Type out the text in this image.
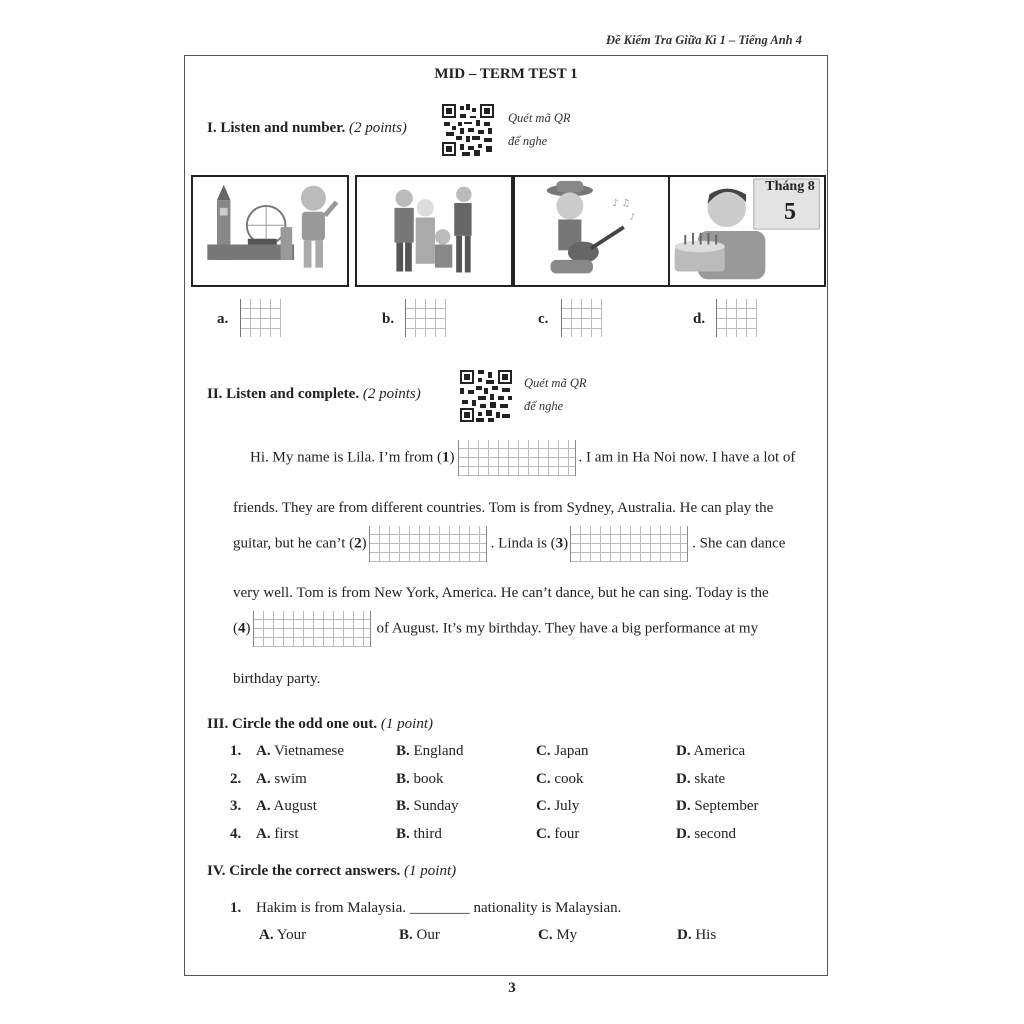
Đề Kiểm Tra Giữa Kì 1 – Tiếng Anh 4
MID – TERM TEST 1
I. Listen and number. (2 points)
Quét mã QR
để nghe
♪ ♫
♪
Tháng 8
5
a.	b.	c.	d.
II. Listen and complete. (2 points)
Quét mã QR
để nghe
Hi. My name is Lila. I’m from (1)	. I am in Ha Noi now. I have a lot of
friends. They are from different countries. Tom is from Sydney, Australia. He can play the
guitar, but he can’t (2)	. Linda is (3)	. She can dance
very well. Tom is from New York, America. He can’t dance, but he can sing. Today is the
(4)	of August. It’s my birthday. They have a big performance at my
birthday party.
III. Circle the odd one out. (1 point)
1. A. Vietnamese	B. England	C. Japan	D. America
2. A. swim	B. book	C. cook	D. skate
3. A. August	B. Sunday	C. July	D. September
4. A. first	B. third	C. four	D. second
IV. Circle the correct answers. (1 point)
1. Hakim is from Malaysia. ________ nationality is Malaysian.
A. Your	B. Our	C. My	D. His
3
